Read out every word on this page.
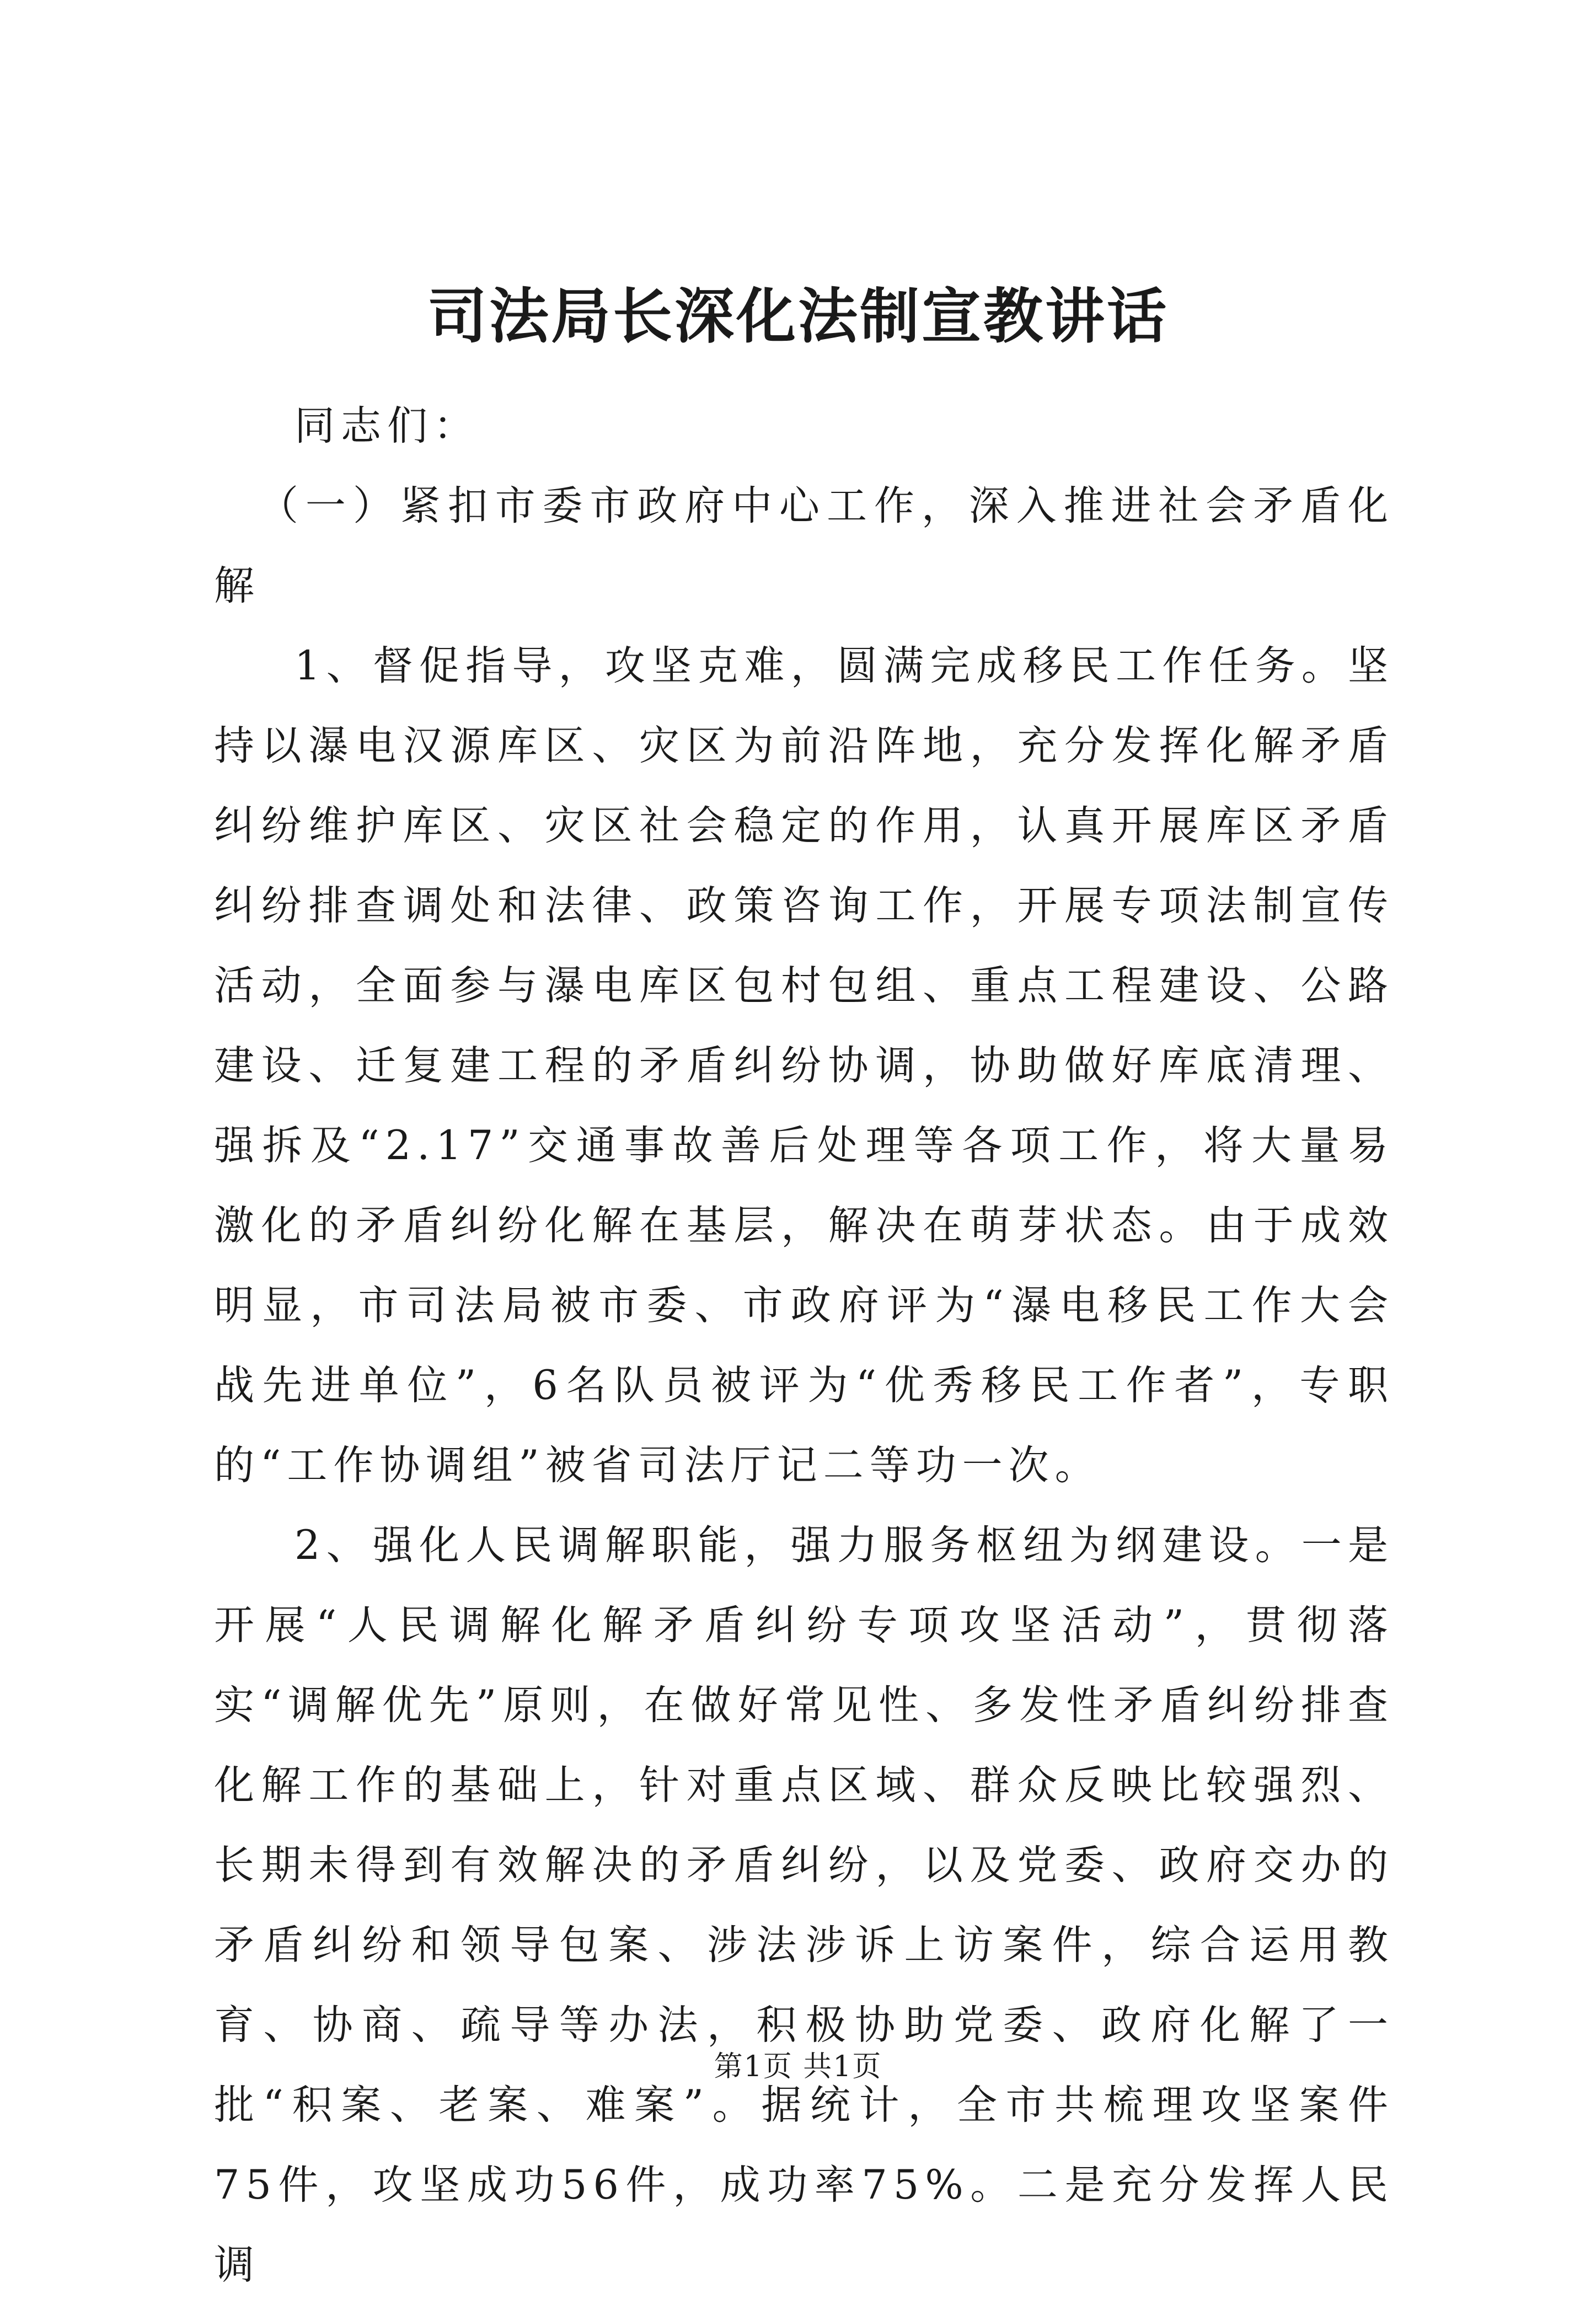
司法局长深化法制宣教讲话

同志们：

（一）紧扣市委市政府中心工作，深入推进社会矛盾化解

1、督促指导，攻坚克难，圆满完成移民工作任务。坚持以瀑电汉源库区、灾区为前沿阵地，充分发挥化解矛盾纠纷维护库区、灾区社会稳定的作用，认真开展库区矛盾纠纷排查调处和法律、政策咨询工作，开展专项法制宣传活动，全面参与瀑电库区包村包组、重点工程建设、公路建设、迁复建工程的矛盾纠纷协调，协助做好库底清理、强拆及“2.17”交通事故善后处理等各项工作，将大量易激化的矛盾纠纷化解在基层，解决在萌芽状态。由于成效明显，市司法局被市委、市政府评为“瀑电移民工作大会战先进单位”，6名队员被评为“优秀移民工作者”，专职的“工作协调组”被省司法厅记二等功一次。

2、强化人民调解职能，强力服务枢纽为纲建设。一是开展“人民调解化解矛盾纠纷专项攻坚活动”，贯彻落实“调解优先”原则，在做好常见性、多发性矛盾纠纷排查化解工作的基础上，针对重点区域、群众反映比较强烈、长期未得到有效解决的矛盾纠纷，以及党委、政府交办的矛盾纠纷和领导包案、涉法涉诉上访案件，综合运用教育、协商、疏导等办法，积极协助党委、政府化解了一批“积案、老案、难案”。据统计，全市共梳理攻坚案件75件，攻坚成功56件，成功率75%。二是充分发挥人民调

第1页 共1页
